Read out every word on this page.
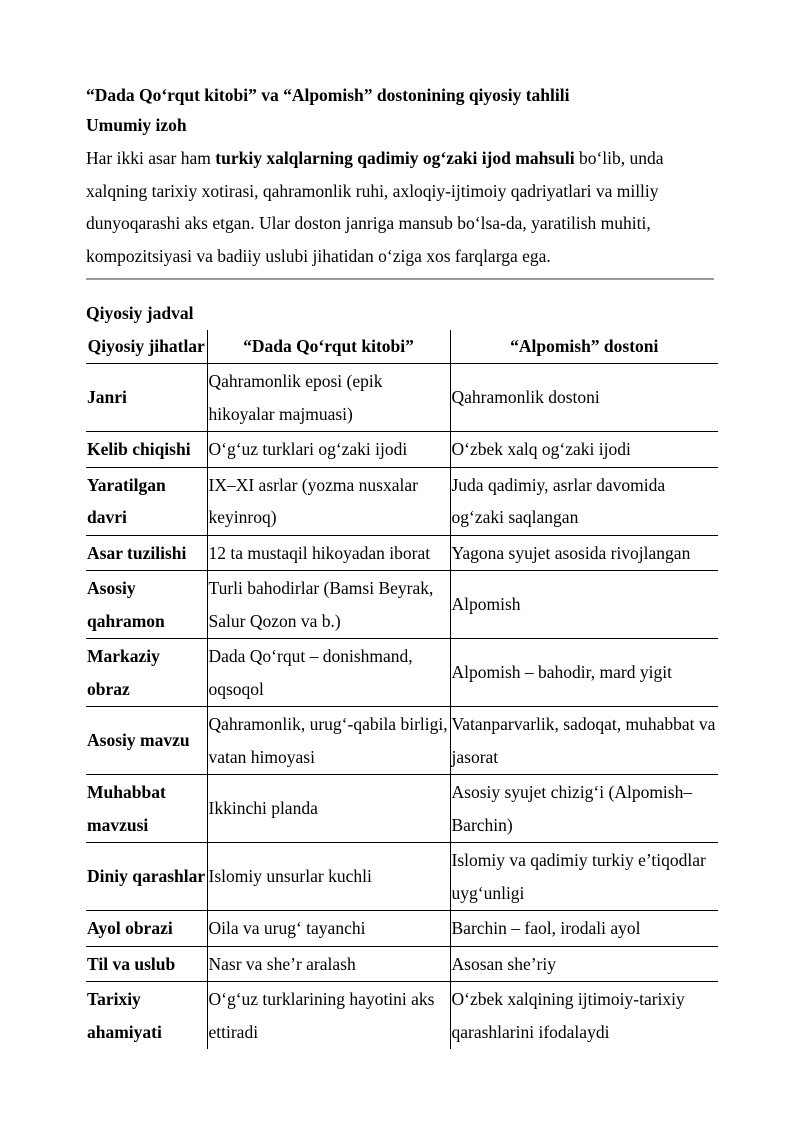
“Dada Qo‘rqut kitobi” va “Alpomish” dostonining qiyosiy tahlili
Umumiy izoh

Har ikki asar ham turkiy xalqlarning qadimiy og‘zaki ijod mahsuli bo‘lib, unda xalqning tarixiy xotirasi, qahramonlik ruhi, axloqiy-ijtimoiy qadriyatlari va milliy dunyoqarashi aks etgan. Ular doston janriga mansub bo‘lsa-da, yaratilish muhiti, kompozitsiyasi va badiiy uslubi jihatidan o‘ziga xos farqlarga ega.

Qiyosiy jadval
Qiyosiy jihatlar	“Dada Qo‘rqut kitobi”	“Alpomish” dostoni
Janri	Qahramonlik eposi (epik hikoyalar majmuasi)	Qahramonlik dostoni
Kelib chiqishi	O‘g‘uz turklari og‘zaki ijodi	O‘zbek xalq og‘zaki ijodi
Yaratilgan davri	IX–XI asrlar (yozma nusxalar keyinroq)	Juda qadimiy, asrlar davomida og‘zaki saqlangan
Asar tuzilishi	12 ta mustaqil hikoyadan iborat	Yagona syujet asosida rivojlangan
Asosiy qahramon	Turli bahodirlar (Bamsi Beyrak, Salur Qozon va b.)	Alpomish
Markaziy obraz	Dada Qo‘rqut – donishmand, oqsoqol	Alpomish – bahodir, mard yigit
Asosiy mavzu	Qahramonlik, urug‘-qabila birligi, vatan himoyasi	Vatanparvarlik, sadoqat, muhabbat va jasorat
Muhabbat mavzusi	Ikkinchi planda	Asosiy syujet chizig‘i (Alpomish–Barchin)
Diniy qarashlar	Islomiy unsurlar kuchli	Islomiy va qadimiy turkiy e’tiqodlar uyg‘unligi
Ayol obrazi	Oila va urug‘ tayanchi	Barchin – faol, irodali ayol
Til va uslub	Nasr va she’r aralash	Asosan she’riy
Tarixiy ahamiyati	O‘g‘uz turklarining hayotini aks ettiradi	O‘zbek xalqining ijtimoiy-tarixiy qarashlarini ifodalaydi
